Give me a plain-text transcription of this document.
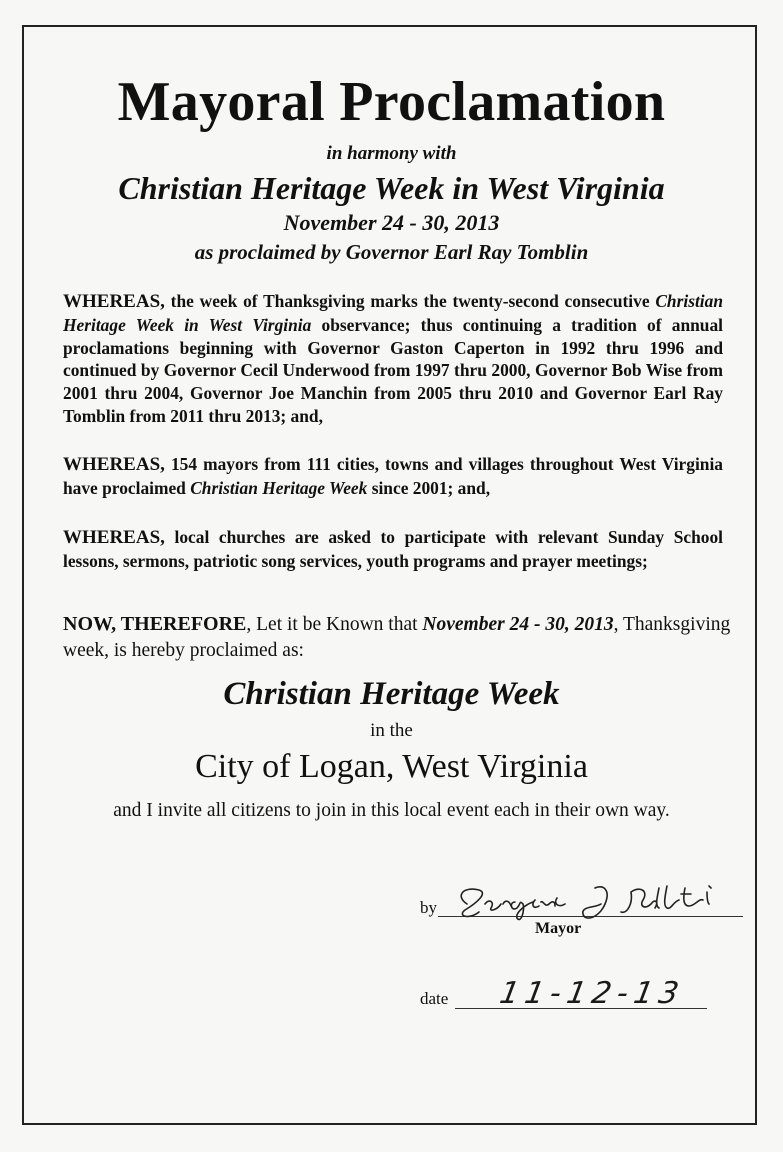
Mayoral Proclamation
in harmony with
Christian Heritage Week in West Virginia
November 24 - 30, 2013
as proclaimed by Governor Earl Ray Tomblin

WHEREAS, the week of Thanksgiving marks the twenty-second consecutive Christian Heritage Week in West Virginia observance; thus continuing a tradition of annual proclamations beginning with Governor Gaston Caperton in 1992 thru 1996 and continued by Governor Cecil Underwood from 1997 thru 2000, Governor Bob Wise from 2001 thru 2004, Governor Joe Manchin from 2005 thru 2010 and Governor Earl Ray Tomblin from 2011 thru 2013; and,

WHEREAS, 154 mayors from 111 cities, towns and villages throughout West Virginia have proclaimed Christian Heritage Week since 2001; and,

WHEREAS, local churches are asked to participate with relevant Sunday School lessons, sermons, patriotic song services, youth programs and prayer meetings;

NOW, THEREFORE, Let it be Known that November 24 - 30, 2013, Thanksgiving week, is hereby proclaimed as:

Christian Heritage Week
in the
City of Logan, West Virginia
and I invite all citizens to join in this local event each in their own way.
by
Mayor
date 11-12-13
